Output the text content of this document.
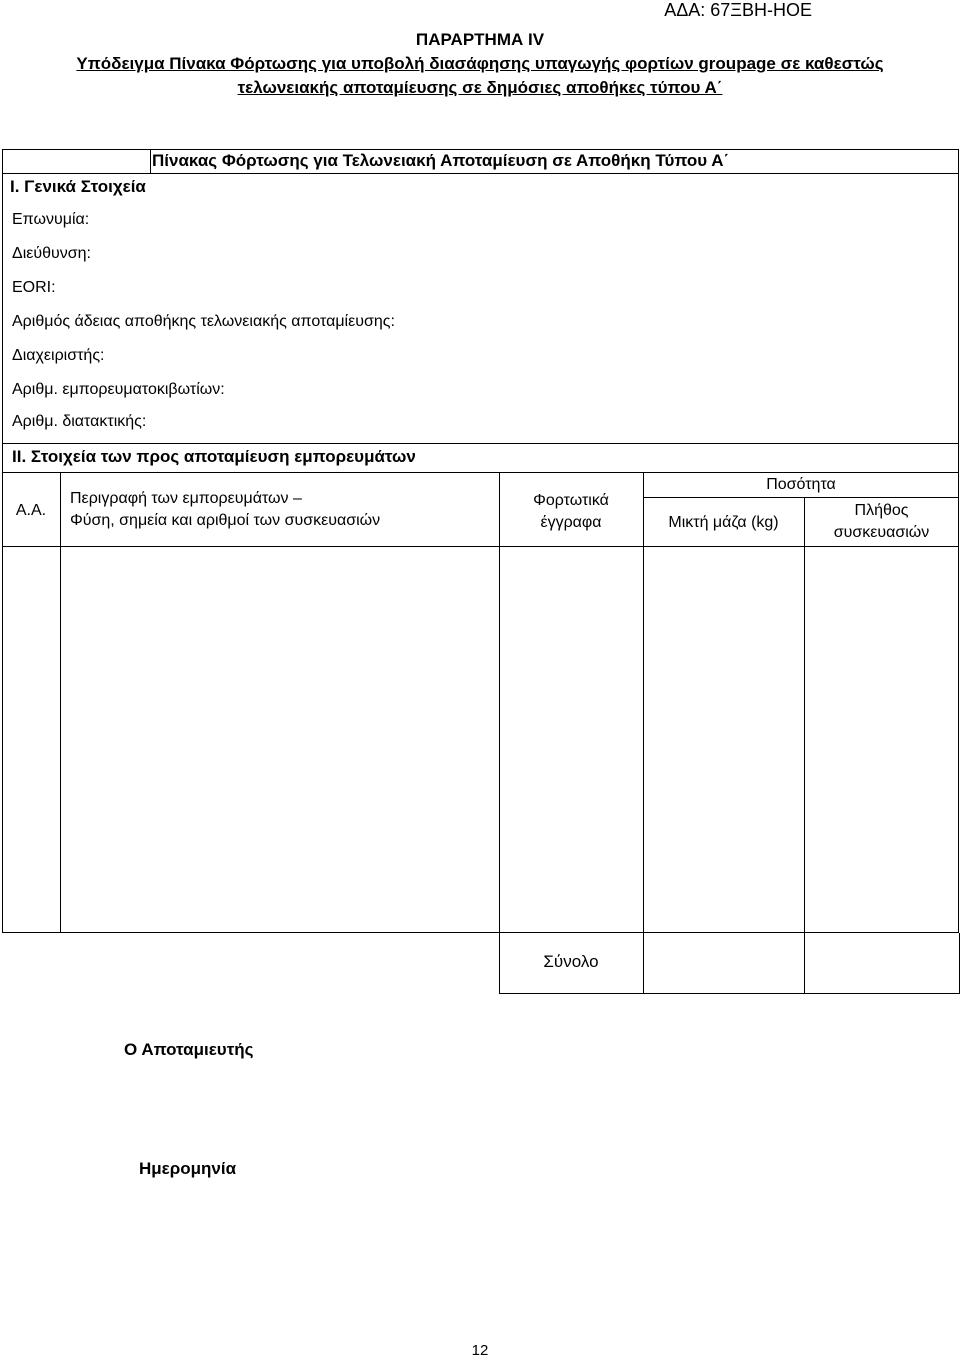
ΑΔΑ: 67ΞΒΗ-ΗΟΕ
ΠΑΡΑΡΤΗΜΑ IV
Υπόδειγμα Πίνακα Φόρτωσης για υποβολή διασάφησης υπαγωγής φορτίων groupage σε καθεστώς
τελωνειακής αποταμίευσης σε δημόσιες αποθήκες τύπου Α΄
Πίνακας Φόρτωσης για Τελωνειακή Αποταμίευση σε Αποθήκη Τύπου Α΄
Ι. Γενικά Στοιχεία
Επωνυμία:
Διεύθυνση:
EORI:
Αριθμός άδειας αποθήκης τελωνειακής αποταμίευσης:
Διαχειριστής:
Αριθμ. εμπορευματοκιβωτίων:
Αριθμ. διατακτικής:
ΙΙ. Στοιχεία των προς αποταμίευση εμπορευμάτων
Α.Α.
Περιγραφή των εμπορευμάτων –
Φύση, σημεία και αριθμοί των συσκευασιών
Φορτωτικά
έγγραφα
Ποσότητα
Μικτή μάζα (kg)
Πλήθος
συσκευασιών
Σύνολο
Ο Αποταμιευτής
Ημερομηνία
12
